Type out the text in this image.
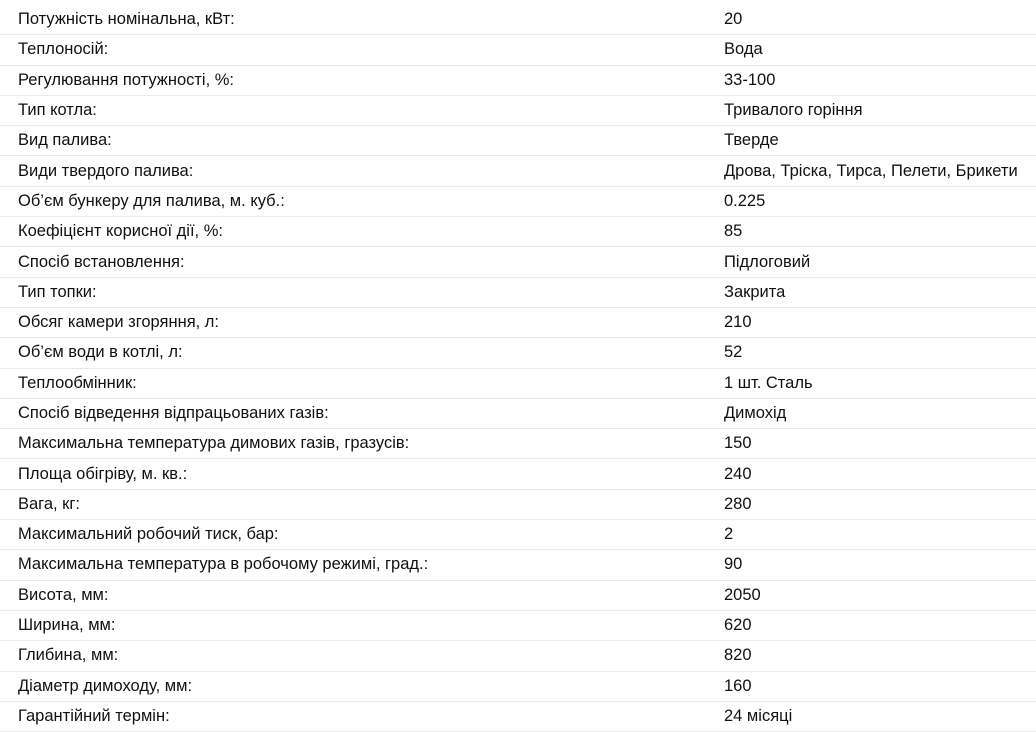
Потужність номінальна, кВт:	20
Теплоносій:	Вода
Регулювання потужності, %:	33-100
Тип котла:	Тривалого горіння
Вид палива:	Тверде
Види твердого палива:	Дрова, Тріска, Тирса, Пелети, Брикети
Об’єм бункеру для палива, м. куб.:	0.225
Коефіцієнт корисної дії, %:	85
Спосіб встановлення:	Підлоговий
Тип топки:	Закрита
Обсяг камери згоряння, л:	210
Об’єм води в котлі, л:	52
Теплообмінник:	1 шт. Сталь
Спосіб відведення відпрацьованих газів:	Димохід
Максимальна температура димових газів, гразусів:	150
Площа обігріву, м. кв.:	240
Вага, кг:	280
Максимальний робочий тиск, бар:	2
Максимальна температура в робочому режимі, град.:	90
Висота, мм:	2050
Ширина, мм:	620
Глибина, мм:	820
Діаметр димоходу, мм:	160
Гарантійний термін:	24 місяці
